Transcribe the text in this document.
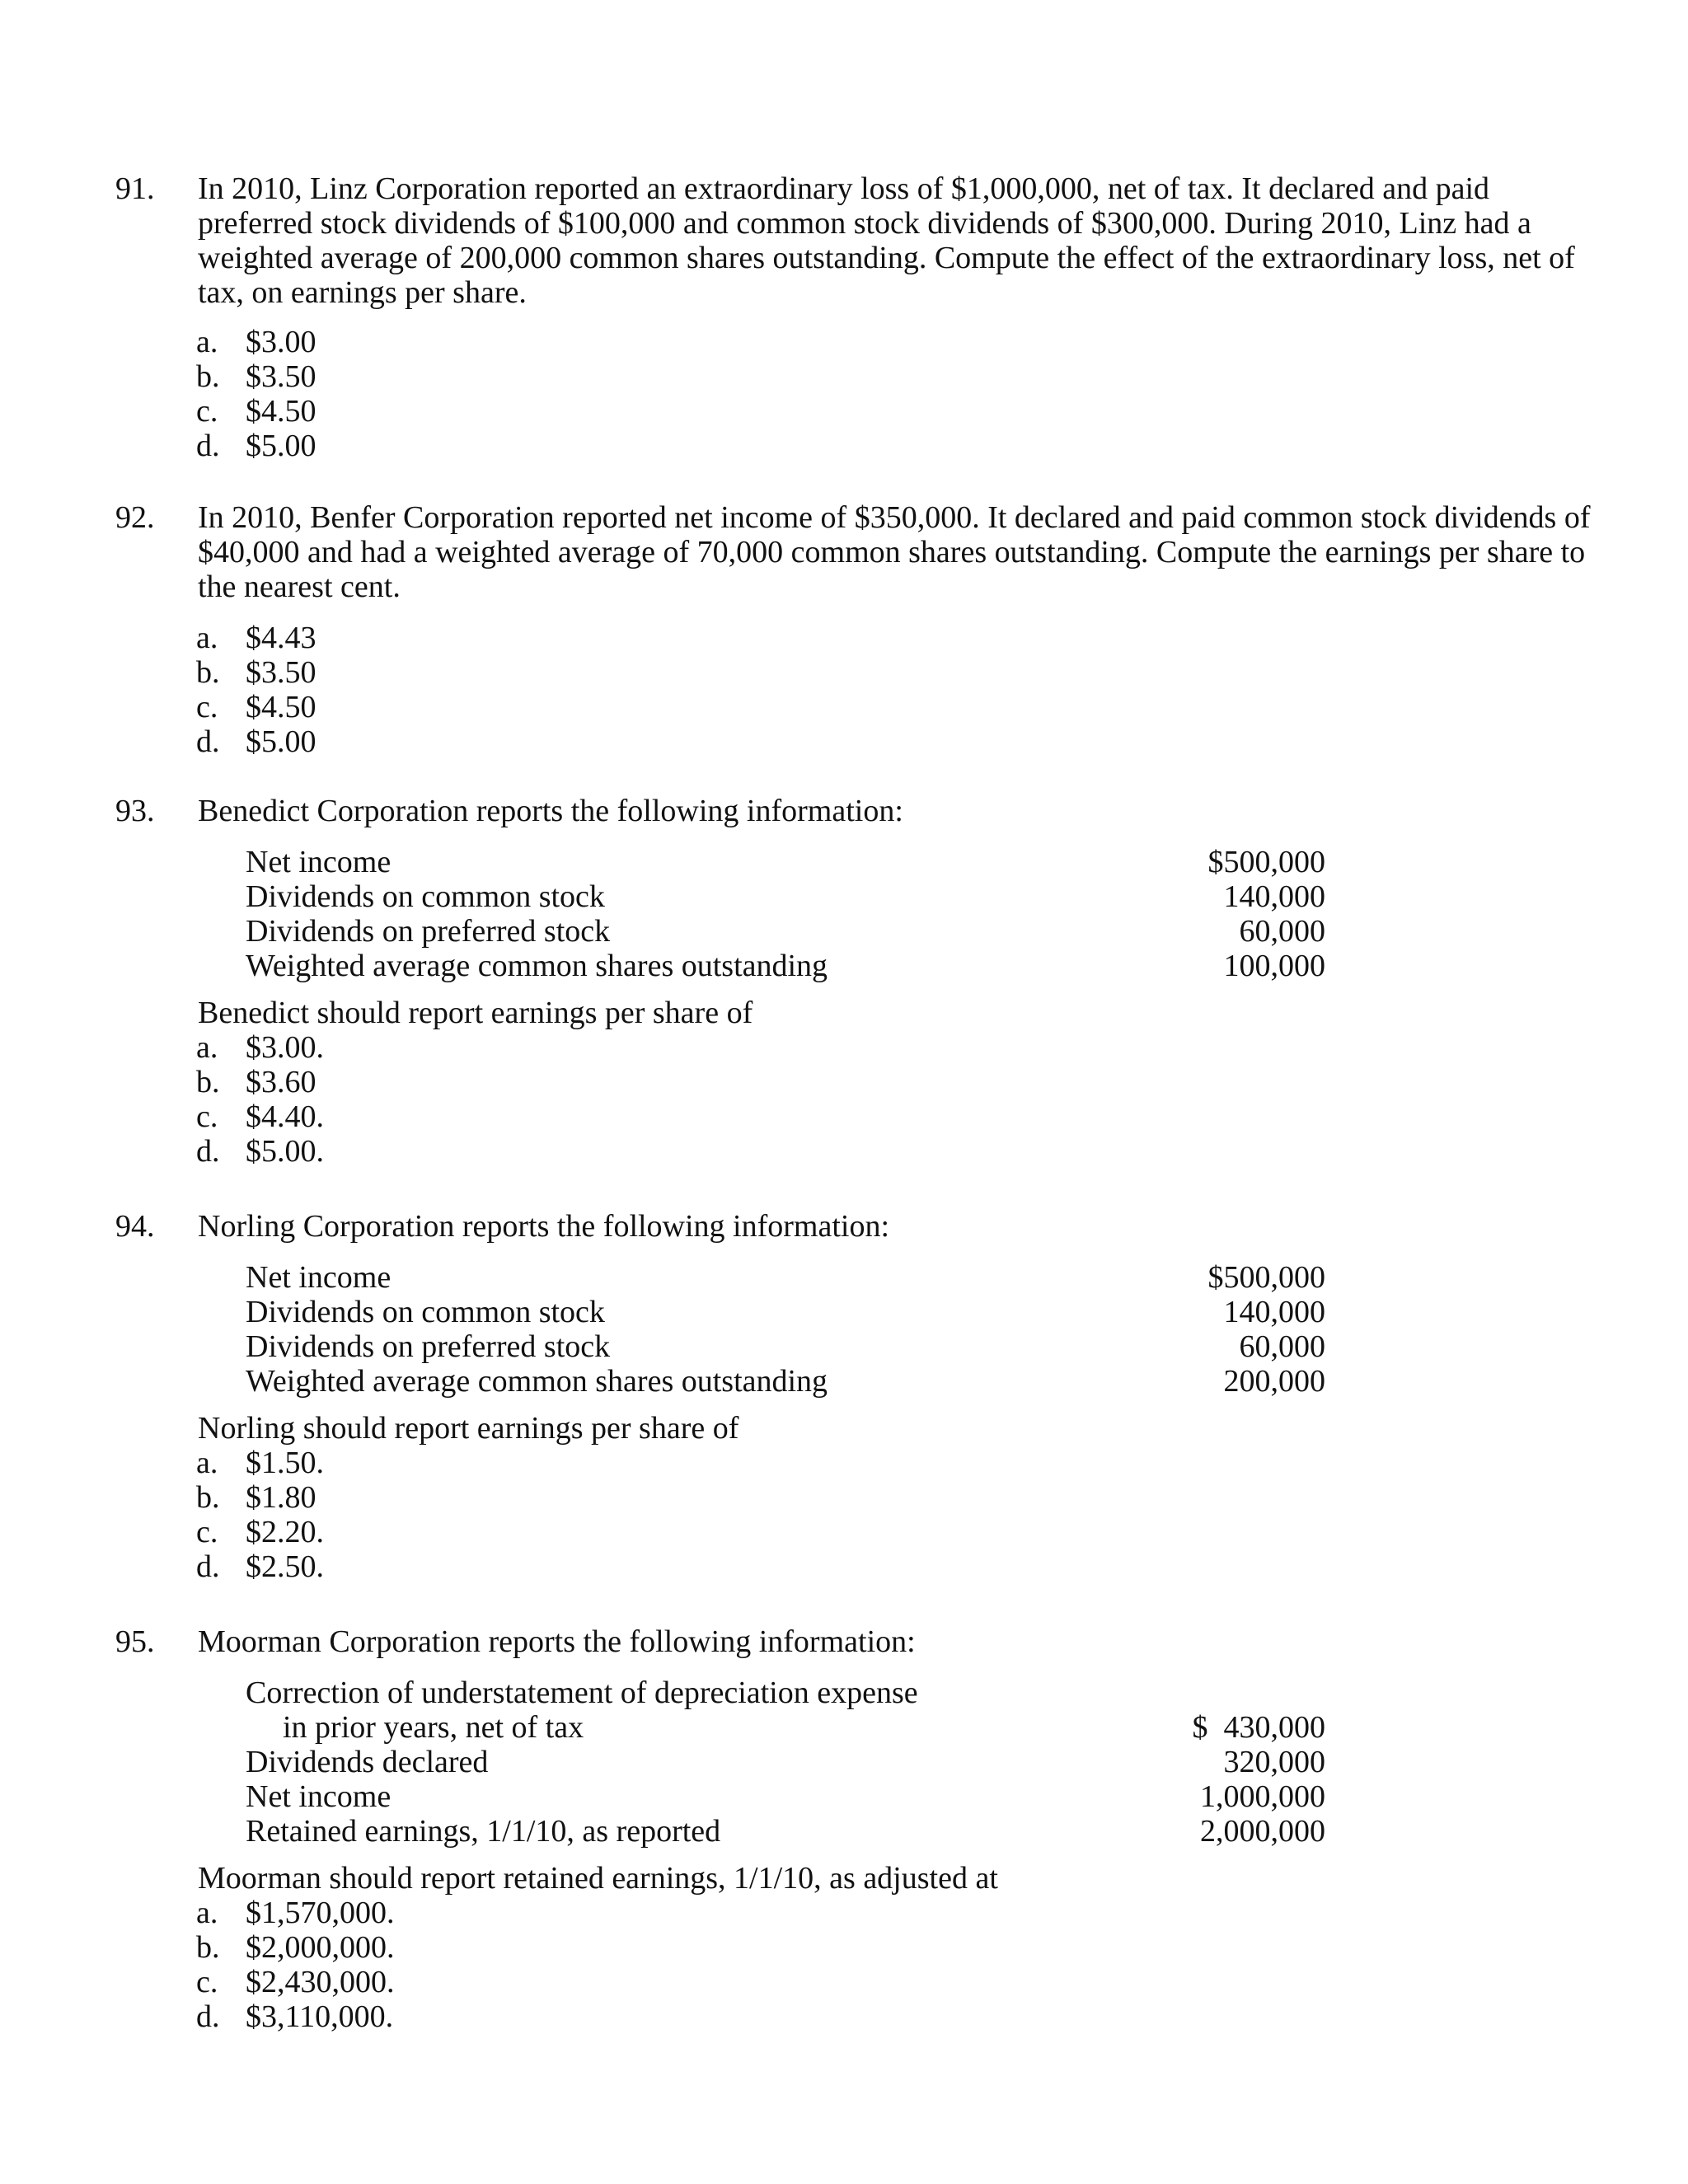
91. In 2010, Linz Corporation reported an extraordinary loss of $1,000,000, net of tax. It declared and paid preferred stock dividends of $100,000 and common stock dividends of $300,000. During 2010, Linz had a weighted average of 200,000 common shares outstanding. Compute the effect of the extraordinary loss, net of tax, on earnings per share.
a. $3.00
b. $3.50
c. $4.50
d. $5.00
92. In 2010, Benfer Corporation reported net income of $350,000. It declared and paid common stock dividends of $40,000 and had a weighted average of 70,000 common shares outstanding. Compute the earnings per share to the nearest cent.
a. $4.43
b. $3.50
c. $4.50
d. $5.00
93. Benedict Corporation reports the following information:
Net income	$500,000
Dividends on common stock	140,000
Dividends on preferred stock	60,000
Weighted average common shares outstanding	100,000
Benedict should report earnings per share of
a. $3.00.
b. $3.60
c. $4.40.
d. $5.00.
94. Norling Corporation reports the following information:
Net income	$500,000
Dividends on common stock	140,000
Dividends on preferred stock	60,000
Weighted average common shares outstanding	200,000
Norling should report earnings per share of
a. $1.50.
b. $1.80
c. $2.20.
d. $2.50.
95. Moorman Corporation reports the following information:
Correction of understatement of depreciation expense
in prior years, net of tax	$  430,000
Dividends declared	320,000
Net income	1,000,000
Retained earnings, 1/1/10, as reported	2,000,000
Moorman should report retained earnings, 1/1/10, as adjusted at
a. $1,570,000.
b. $2,000,000.
c. $2,430,000.
d. $3,110,000.
